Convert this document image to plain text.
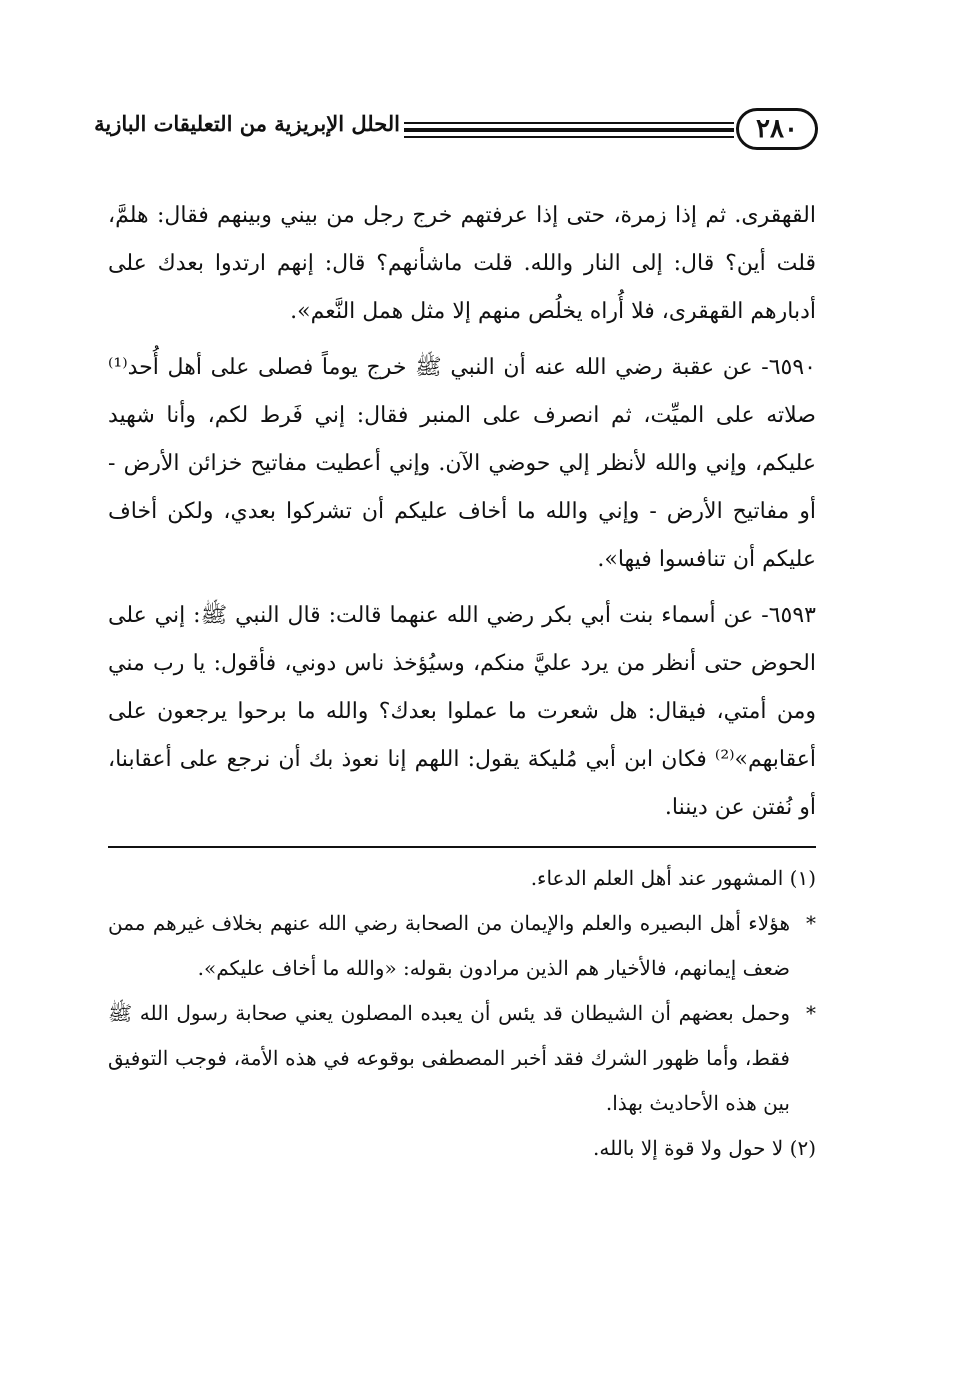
٢٨٠
الحلل الإبريزية من التعليقات البازية

القهقرى. ثم إذا زمرة، حتى إذا عرفتهم خرج رجل من بيني وبينهم فقال: هلمَّ، قلت أين؟ قال: إلى النار والله. قلت ماشأنهم؟ قال: إنهم ارتدوا بعدك على أدبارهم القهقرى، فلا أُراه يخلُص منهم إلا مثل همل النَّعم».

٦٥٩٠- عن عقبة رضي الله عنه أن النبي ﷺ خرج يوماً فصلى على أهل أُحد⁽¹⁾ صلاته على الميِّت، ثم انصرف على المنبر فقال: إني فَرط لكم، وأنا شهيد عليكم، وإني والله لأنظر إلي حوضي الآن. وإني أعطيت مفاتيح خزائن الأرض - أو مفاتيح الأرض - وإني والله ما أخاف عليكم أن تشركوا بعدي، ولكن أخاف عليكم أن تنافسوا فيها».

٦٥٩٣- عن أسماء بنت أبي بكر رضي الله عنهما قالت: قال النبي ﷺ: إني على الحوض حتى أنظر من يرد عليَّ منكم، وسيُؤخذ ناس دوني، فأقول: يا رب مني ومن أمتي، فيقال: هل شعرت ما عملوا بعدك؟ والله ما برحوا يرجعون على أعقابهم»⁽²⁾ فكان ابن أبي مُليكة يقول: اللهم إنا نعوذ بك أن نرجع على أعقابنا، أو نُفتن عن ديننا.

(١) المشهور عند أهل العلم الدعاء.

*
هؤلاء أهل البصيره والعلم والإيمان من الصحابة رضي الله عنهم بخلاف غيرهم ممن ضعف إيمانهم، فالأخيار هم الذين مرادون بقوله: «والله ما أخاف عليكم».

*
وحمل بعضهم أن الشيطان قد يئس أن يعبده المصلون يعني صحابة رسول الله ﷺ فقط، وأما ظهور الشرك فقد أخبر المصطفى بوقوعه في هذه الأمة، فوجب التوفيق بين هذه الأحاديث بهذا.

(٢) لا حول ولا قوة إلا بالله.
